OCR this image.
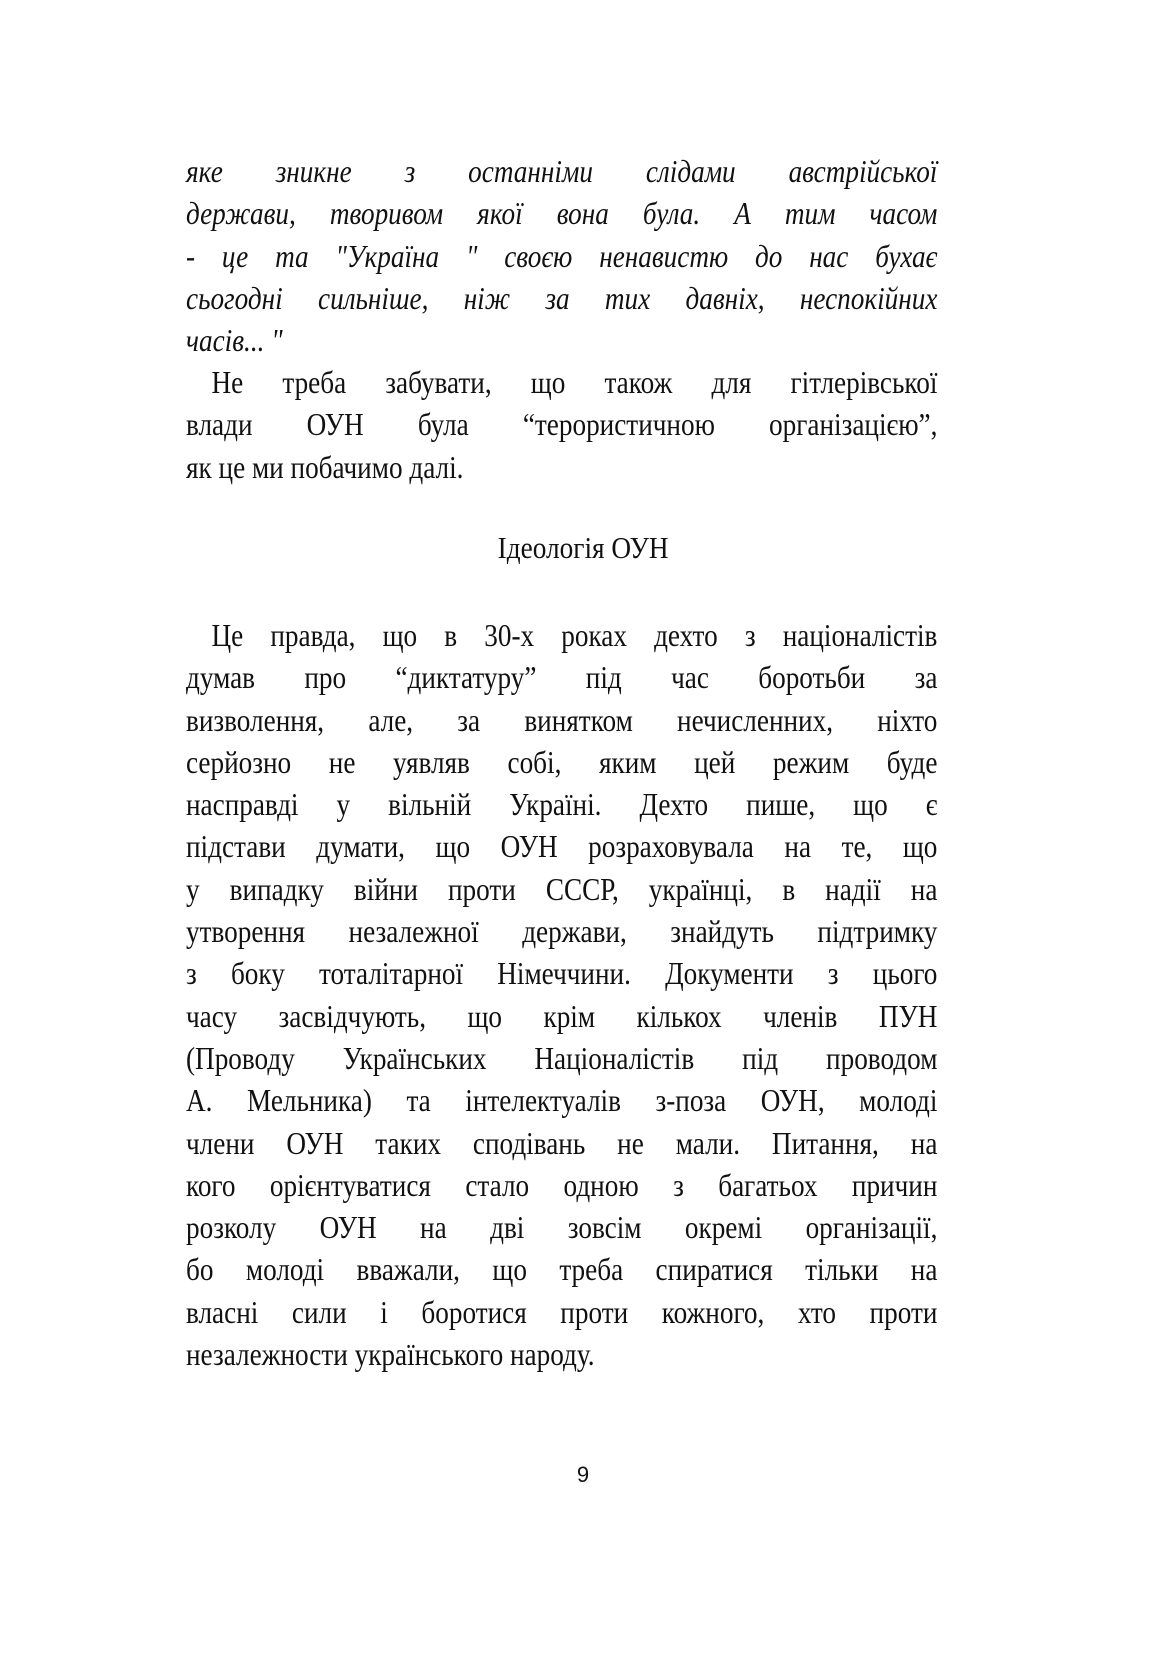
яке зникне з останніми слідами австрійської
держави, творивом якої вона була. А тим часом
- це та "Україна " своєю ненавистю до нас бухає
сьогодні сильніше, ніж за тих давніх, неспокійних
часів... "
Не треба забувати, що також для гітлерівської
влади ОУН була “терористичною організацією”,
як це ми побачимо далі.
Ідеологія ОУН
Це правда, що в 30-х роках дехто з націоналістів
думав про “диктатуру” під час боротьби за
визволення, але, за винятком нечисленних, ніхто
серйозно не уявляв собі, яким цей режим буде
насправді у вільній Україні. Дехто пише, що є
підстави думати, що ОУН розраховувала на те, що
у випадку війни проти СССР, українці, в надії на
утворення незалежної держави, знайдуть підтримку
з боку тоталітарної Німеччини. Документи з цього
часу засвідчують, що крім кількох членів ПУН
(Проводу Українських Націоналістів під проводом
А. Мельника) та інтелектуалів з-поза ОУН, молоді
члени ОУН таких сподівань не мали. Питання, на
кого орієнтуватися стало одною з багатьох причин
розколу ОУН на дві зовсім окремі організації,
бо молоді вважали, що треба спиратися тільки на
власні сили і боротися проти кожного, хто проти
незалежности українського народу.
9
